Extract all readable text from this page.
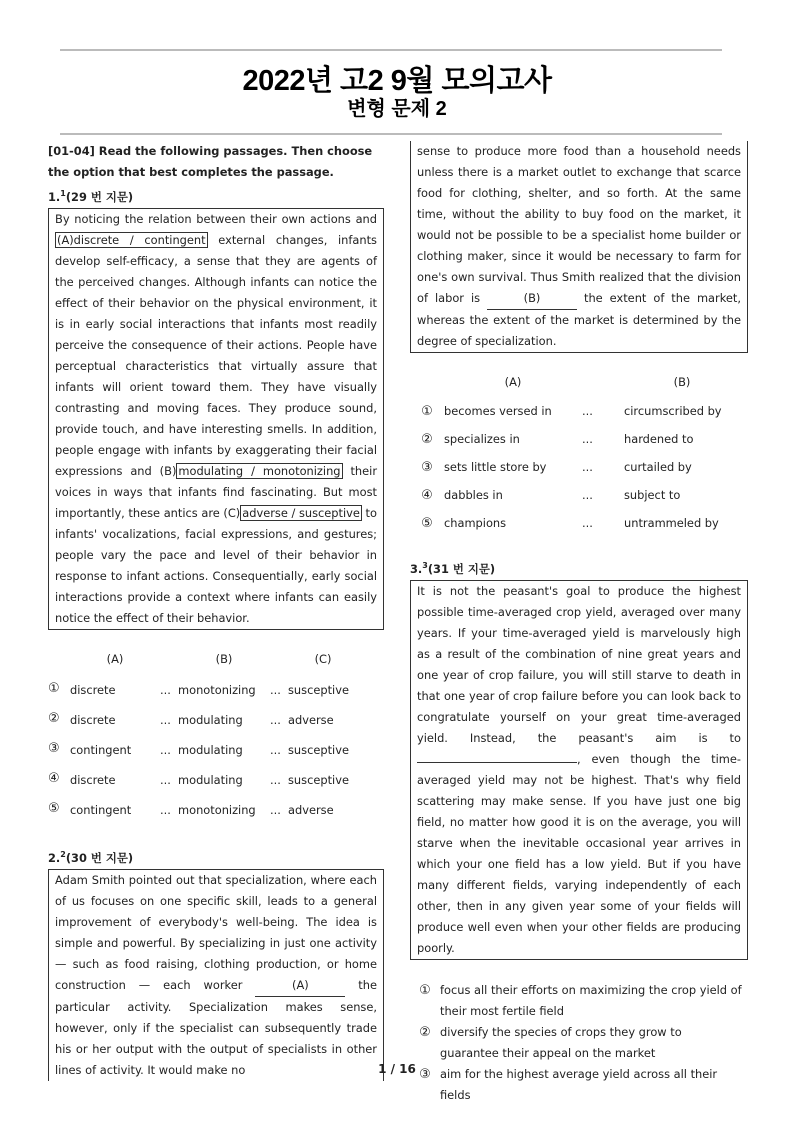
2022년 고2 9월 모의고사
변형 문제 2
[01-04] Read the following passages. Then choose the option that best completes the passage.
1.$^1$(29 번 지문)
By noticing the relation between their own actions and (A)discrete / contingent external changes, infants develop self-efficacy, a sense that they are agents of the perceived changes. Although infants can notice the effect of their behavior on the physical environment, it is in early social interactions that infants most readily perceive the consequence of their actions. People have perceptual characteristics that virtually assure that infants will orient toward them. They have visually contrasting and moving faces. They produce sound, provide touch, and have interesting smells. In addition, people engage with infants by exaggerating their facial expressions and (B) modulating / monotonizing their voices in ways that infants find fascinating. But most importantly, these antics are (C) adverse / susceptive to infants' vocalizations, facial expressions, and gestures; people vary the pace and level of their behavior in response to infant actions. Consequentially, early social interactions provide a context where infants can easily notice the effect of their behavior.
	(A)		(B)		(C)
①	discrete	...	monotonizing	...	susceptive
②	discrete	...	modulating	...	adverse
③	contingent	...	modulating	...	susceptive
④	discrete	...	modulating	...	susceptive
⑤	contingent	...	monotonizing	...	adverse
2.$^2$(30 번 지문)
Adam Smith pointed out that specialization, where each of us focuses on one specific skill, leads to a general improvement of everybody's well-being. The idea is simple and powerful. By specializing in just one activity — such as food raising, clothing production, or home construction — each worker	(A)	the particular activity. Specialization makes sense, however, only if the specialist can subsequently trade his or her output with the output of specialists in other lines of activity. It would make no
sense to produce more food than a household needs unless there is a market outlet to exchange that scarce food for clothing, shelter, and so forth. At the same time, without the ability to buy food on the market, it would not be possible to be a specialist home builder or clothing maker, since it would be necessary to farm for one's own survival. Thus Smith realized that the division of labor is	(B)	the extent of the market, whereas the extent of the market is determined by the degree of specialization.
	(A)		(B)
①	becomes versed in	...	circumscribed by
②	specializes in	...	hardened to
③	sets little store by	...	curtailed by
④	dabbles in	...	subject to
⑤	champions	...	untrammeled by
3.$^3$(31 번 지문)
It is not the peasant's goal to produce the highest possible time-averaged crop yield, averaged over many years. If your time-averaged yield is marvelously high as a result of the combination of nine great years and one year of crop failure, you will still starve to death in that one year of crop failure before you can look back to congratulate yourself on your great time-averaged yield. Instead, the peasant's aim is to , even though the time-averaged yield may not be highest. That's why field scattering may make sense. If you have just one big field, no matter how good it is on the average, you will starve when the inevitable occasional year arrives in which your one field has a low yield. But if you have many different fields, varying independently of each other, then in any given year some of your fields will produce well even when your other fields are producing poorly.
① focus all their efforts on maximizing the crop yield of their most fertile field
② diversify the species of crops they grow to guarantee their appeal on the market
③ aim for the highest average yield across all their fields
1 / 16
